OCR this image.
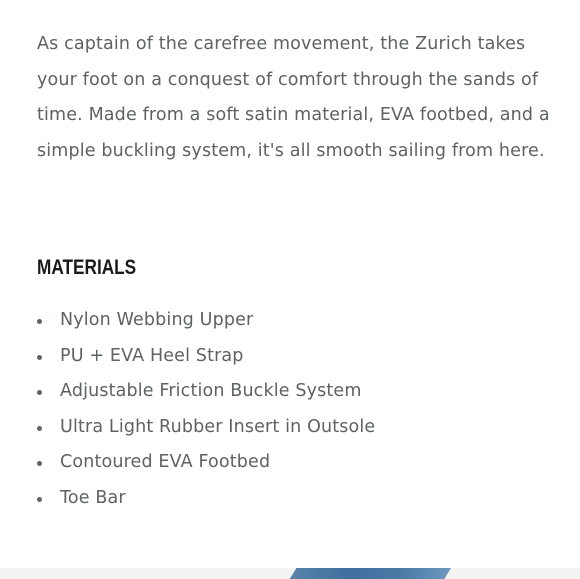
As captain of the carefree movement, the Zurich takes your foot on a conquest of comfort through the sands of time. Made from a soft satin material, EVA footbed, and a simple buckling system, it's all smooth sailing from here.

MATERIALS
Nylon Webbing Upper
PU + EVA Heel Strap
Adjustable Friction Buckle System
Ultra Light Rubber Insert in Outsole
Contoured EVA Footbed
Toe Bar
